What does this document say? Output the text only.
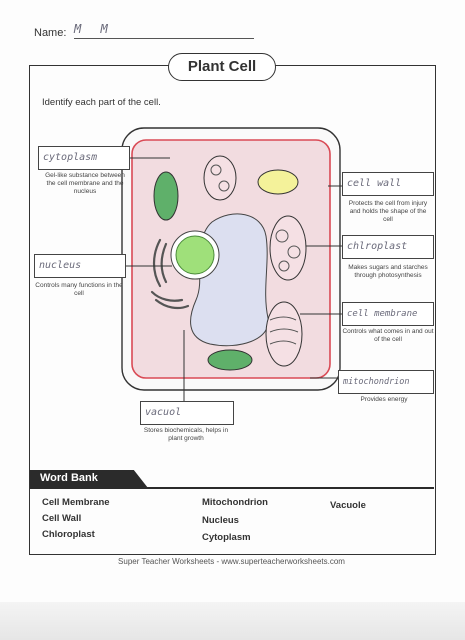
Name: M M
Plant Cell
Identify each part of the cell.
cytoplasm
Gel-like substance between the cell membrane and the nucleus
cell wall
Protects the cell from injury and holds the shape of the cell
chlroplast
Makes sugars and starches through photosynthesis
nucleus
Controls many functions in the cell
cell membrane
Controls what comes in and out of the cell
mitochondrion
Provides energy
vacuol
Stores biochemicals, helps in plant growth
Word Bank
Cell Membrane
Cell Wall
Chloroplast
Mitochondrion
Nucleus
Cytoplasm
Vacuole
Super Teacher Worksheets - www.superteacherworksheets.com
